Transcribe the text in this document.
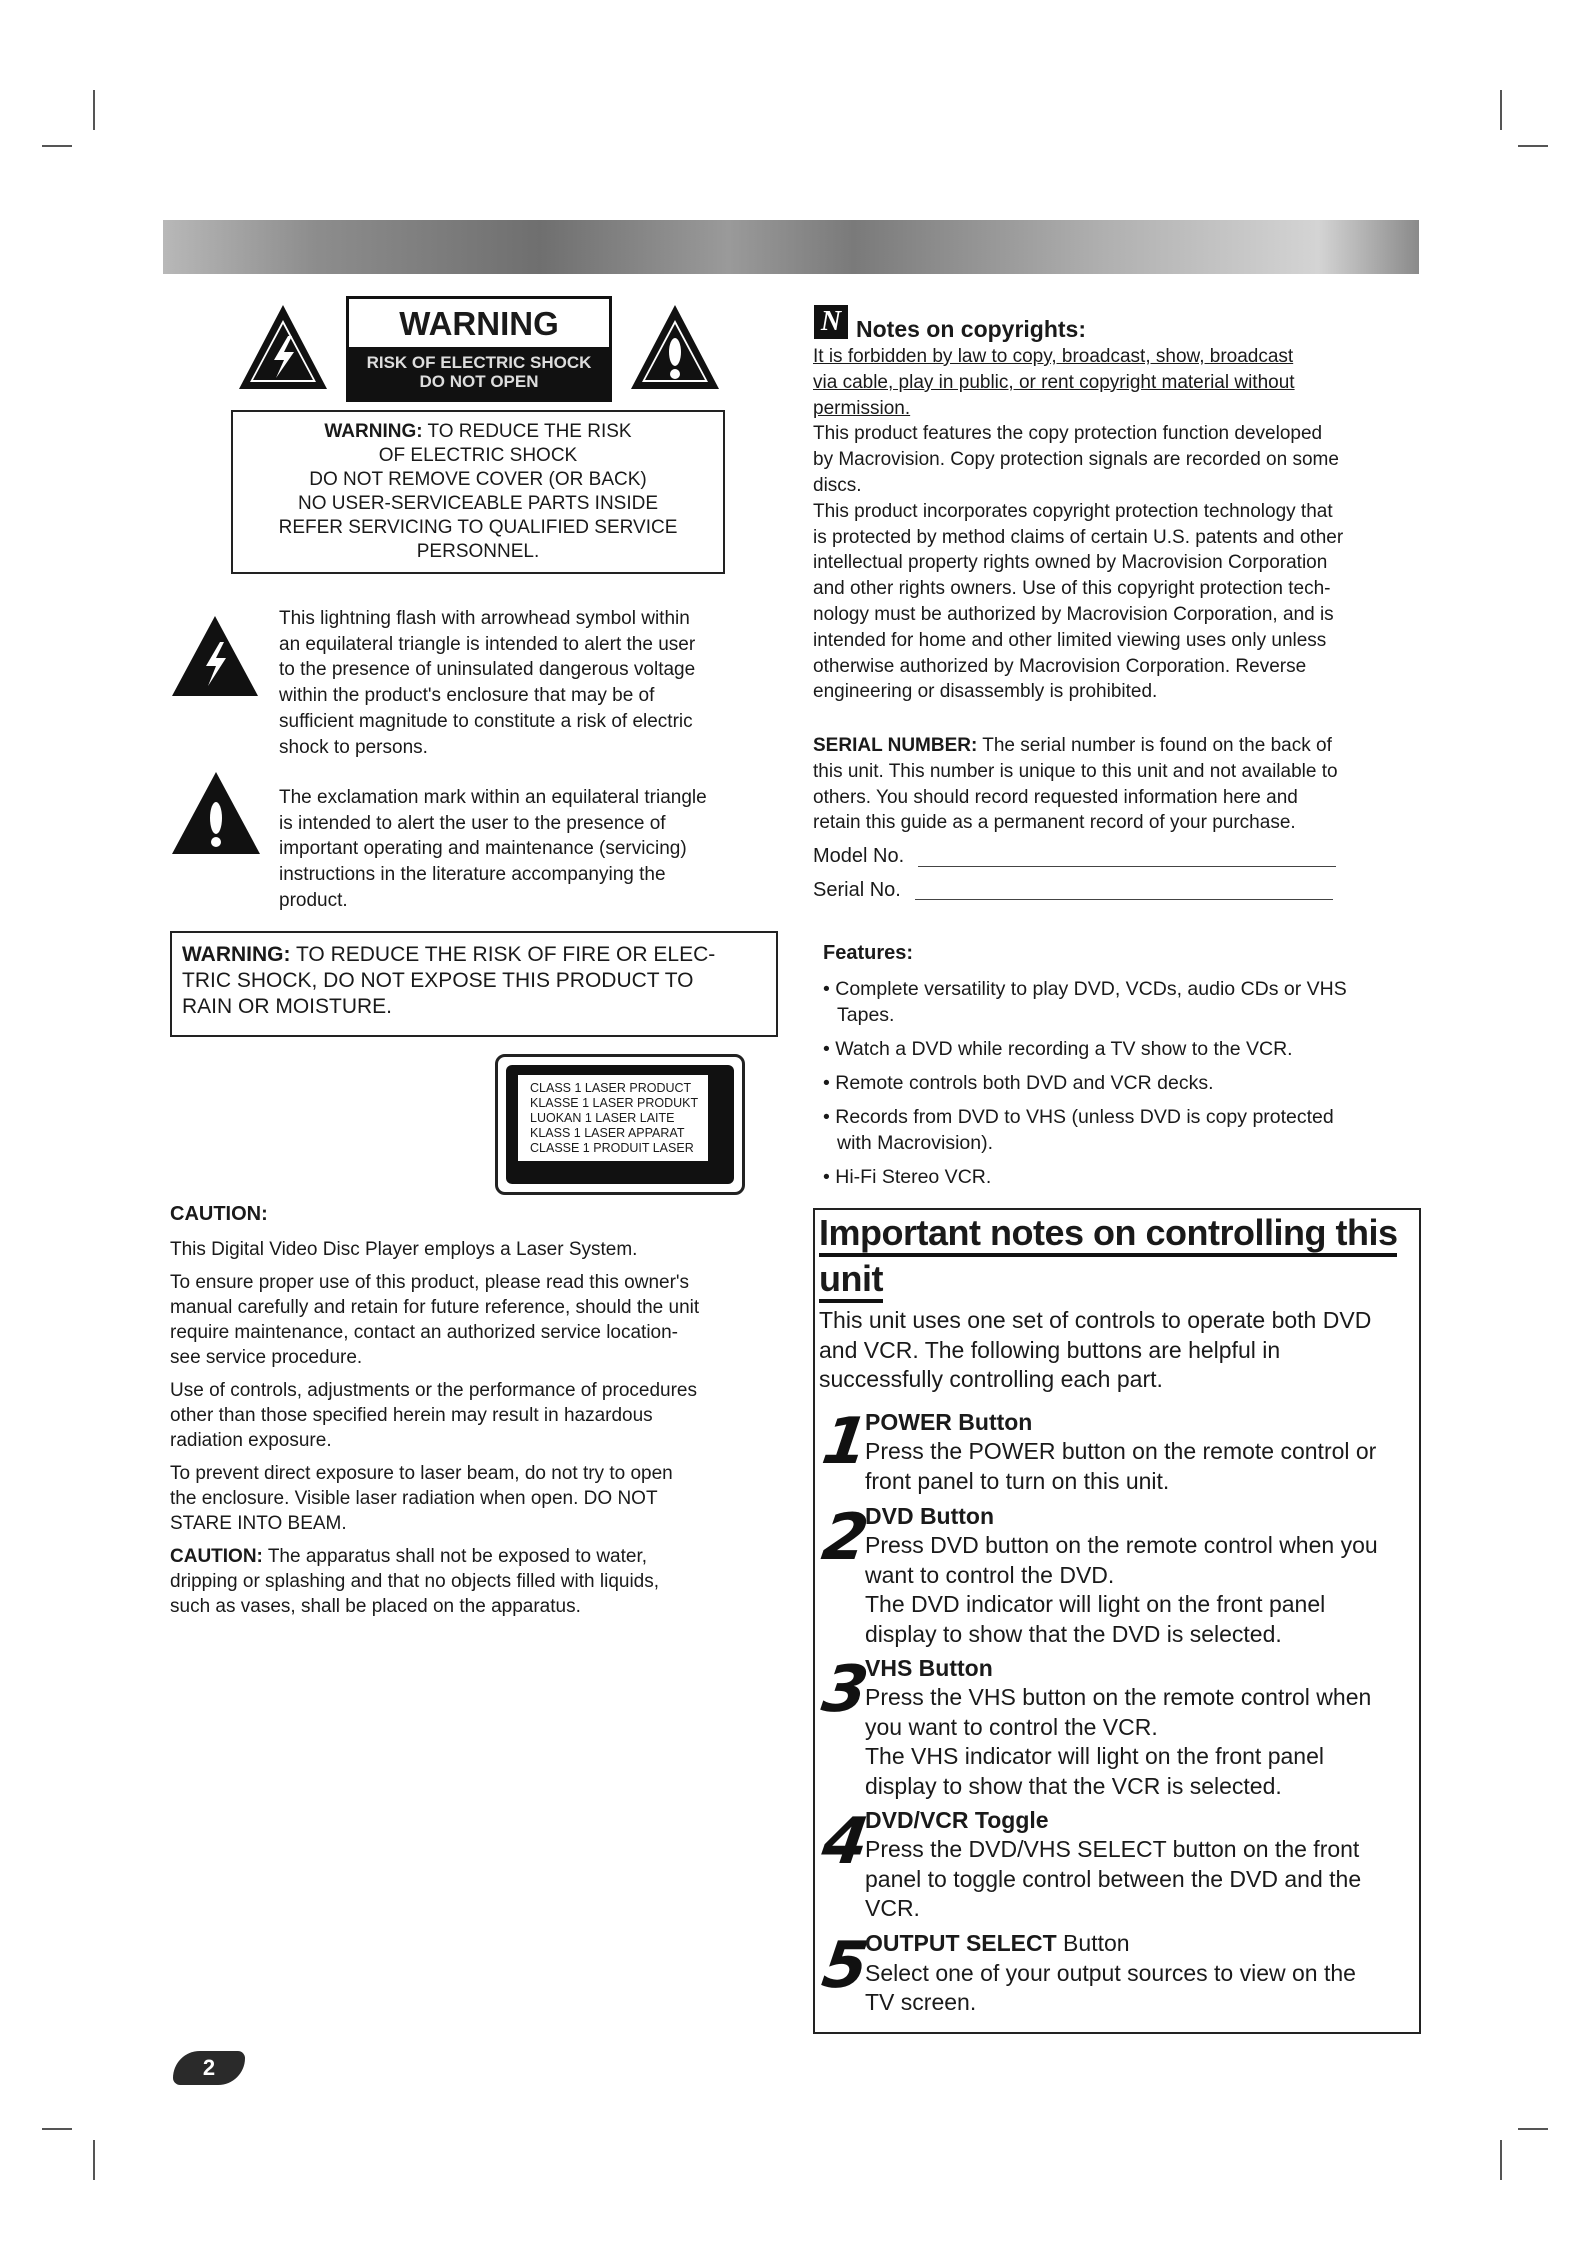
WARNING
RISK OF ELECTRIC SHOCK
DO NOT OPEN
WARNING: TO REDUCE THE RISK
OF ELECTRIC SHOCK
DO NOT REMOVE COVER (OR BACK)
NO USER-SERVICEABLE PARTS INSIDE
REFER SERVICING TO QUALIFIED SERVICE
PERSONNEL.
This lightning flash with arrowhead symbol within
an equilateral triangle is intended to alert the user
to the presence of uninsulated dangerous voltage
within the product's enclosure that may be of
sufficient magnitude to constitute a risk of electric
shock to persons.
The exclamation mark within an equilateral triangle
is intended to alert the user to the presence of
important operating and maintenance (servicing)
instructions in the literature accompanying the
product.
WARNING: TO REDUCE THE RISK OF FIRE OR ELEC-
TRIC SHOCK, DO NOT EXPOSE THIS PRODUCT TO
RAIN OR MOISTURE.
CLASS 1 LASER PRODUCT
KLASSE 1 LASER PRODUKT
LUOKAN 1 LASER LAITE
KLASS 1 LASER APPARAT
CLASSE 1 PRODUIT LASER
CAUTION:
This Digital Video Disc Player employs a Laser System.
To ensure proper use of this product, please read this owner's
manual carefully and retain for future reference, should the unit
require maintenance, contact an authorized service location-
see service procedure.
Use of controls, adjustments or the performance of procedures
other than those specified herein may result in hazardous
radiation exposure.
To prevent direct exposure to laser beam, do not try to open
the enclosure. Visible laser radiation when open. DO NOT
STARE INTO BEAM.
CAUTION: The apparatus shall not be exposed to water,
dripping or splashing and that no objects filled with liquids,
such as vases, shall be placed on the apparatus.
N Notes on copyrights:
It is forbidden by law to copy, broadcast, show, broadcast
via cable, play in public, or rent copyright material without
permission.
This product features the copy protection function developed
by Macrovision. Copy protection signals are recorded on some
discs.
This product incorporates copyright protection technology that
is protected by method claims of certain U.S. patents and other
intellectual property rights owned by Macrovision Corporation
and other rights owners. Use of this copyright protection tech-
nology must be authorized by Macrovision Corporation, and is
intended for home and other limited viewing uses only unless
otherwise authorized by Macrovision Corporation. Reverse
engineering or disassembly is prohibited.
SERIAL NUMBER: The serial number is found on the back of
this unit. This number is unique to this unit and not available to
others. You should record requested information here and
retain this guide as a permanent record of your purchase.
Model No.
Serial No.
Features:
• Complete versatility to play DVD, VCDs, audio CDs or VHS
Tapes.
• Watch a DVD while recording a TV show to the VCR.
• Remote controls both DVD and VCR decks.
• Records from DVD to VHS (unless DVD is copy protected
with Macrovision).
• Hi-Fi Stereo VCR.
Important notes on controlling this
unit
This unit uses one set of controls to operate both DVD
and VCR. The following buttons are helpful in
successfully controlling each part.
1
POWER Button
Press the POWER button on the remote control or
front panel to turn on this unit.
2
DVD Button
Press DVD button on the remote control when you
want to control the DVD.
The DVD indicator will light on the front panel
display to show that the DVD is selected.
3
VHS Button
Press the VHS button on the remote control when
you want to control the VCR.
The VHS indicator will light on the front panel
display to show that the VCR is selected.
4
DVD/VCR Toggle
Press the DVD/VHS SELECT button on the front
panel to toggle control between the DVD and the
VCR.
5
OUTPUT SELECT Button
Select one of your output sources to view on the
TV screen.
2
